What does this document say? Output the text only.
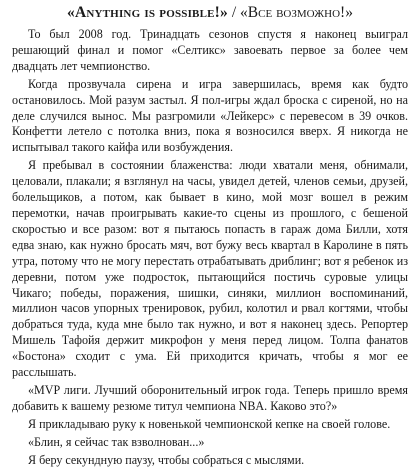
«Anything is possible!» / «Все возможно!»

То был 2008 год. Тринадцать сезонов спустя я наконец выиграл решающий финал и помог «Селтикс» завоевать первое за более чем двадцать лет чемпионство.

Когда прозвучала сирена и игра завершилась, время как будто остановилось. Мой разум застыл. Я пол-игры ждал броска с сиреной, но на деле случился вынос. Мы разгромили «Лейкерс» с перевесом в 39 очков. Конфетти летело с потолка вниз, пока я возносился вверх. Я никогда не испытывал такого кайфа или возбуждения.

Я пребывал в состоянии блаженства: люди хватали меня, обнимали, целовали, плакали; я взглянул на часы, увидел детей, членов семьи, друзей, болельщиков, а потом, как бывает в кино, мой мозг вошел в режим перемотки, начав проигрывать какие-то сцены из прошлого, с бешеной скоростью и все разом: вот я пытаюсь попасть в гараж дома Билли, хотя едва знаю, как нужно бросать мяч, вот бужу весь квартал в Каролине в пять утра, потому что не могу перестать отрабатывать дриблинг; вот я ребенок из деревни, потом уже подросток, пытающийся постичь суровые улицы Чикаго; победы, поражения, шишки, синяки, миллион воспоминаний, миллион часов упорных тренировок, рубил, колотил и рвал когтями, чтобы добраться туда, куда мне было так нужно, и вот я наконец здесь. Репортер Мишель Тафойя держит микрофон у меня перед лицом. Толпа фанатов «Бостона» сходит с ума. Ей приходится кричать, чтобы я мог ее расслышать.

«MVP лиги. Лучший оборонительный игрок года. Теперь пришло время добавить к вашему резюме титул чемпиона NBA. Каково это?»

Я прикладываю руку к новенькой чемпионской кепке на своей голове.

«Блин, я сейчас так взволнован...»

Я беру секундную паузу, чтобы собраться с мыслями.
